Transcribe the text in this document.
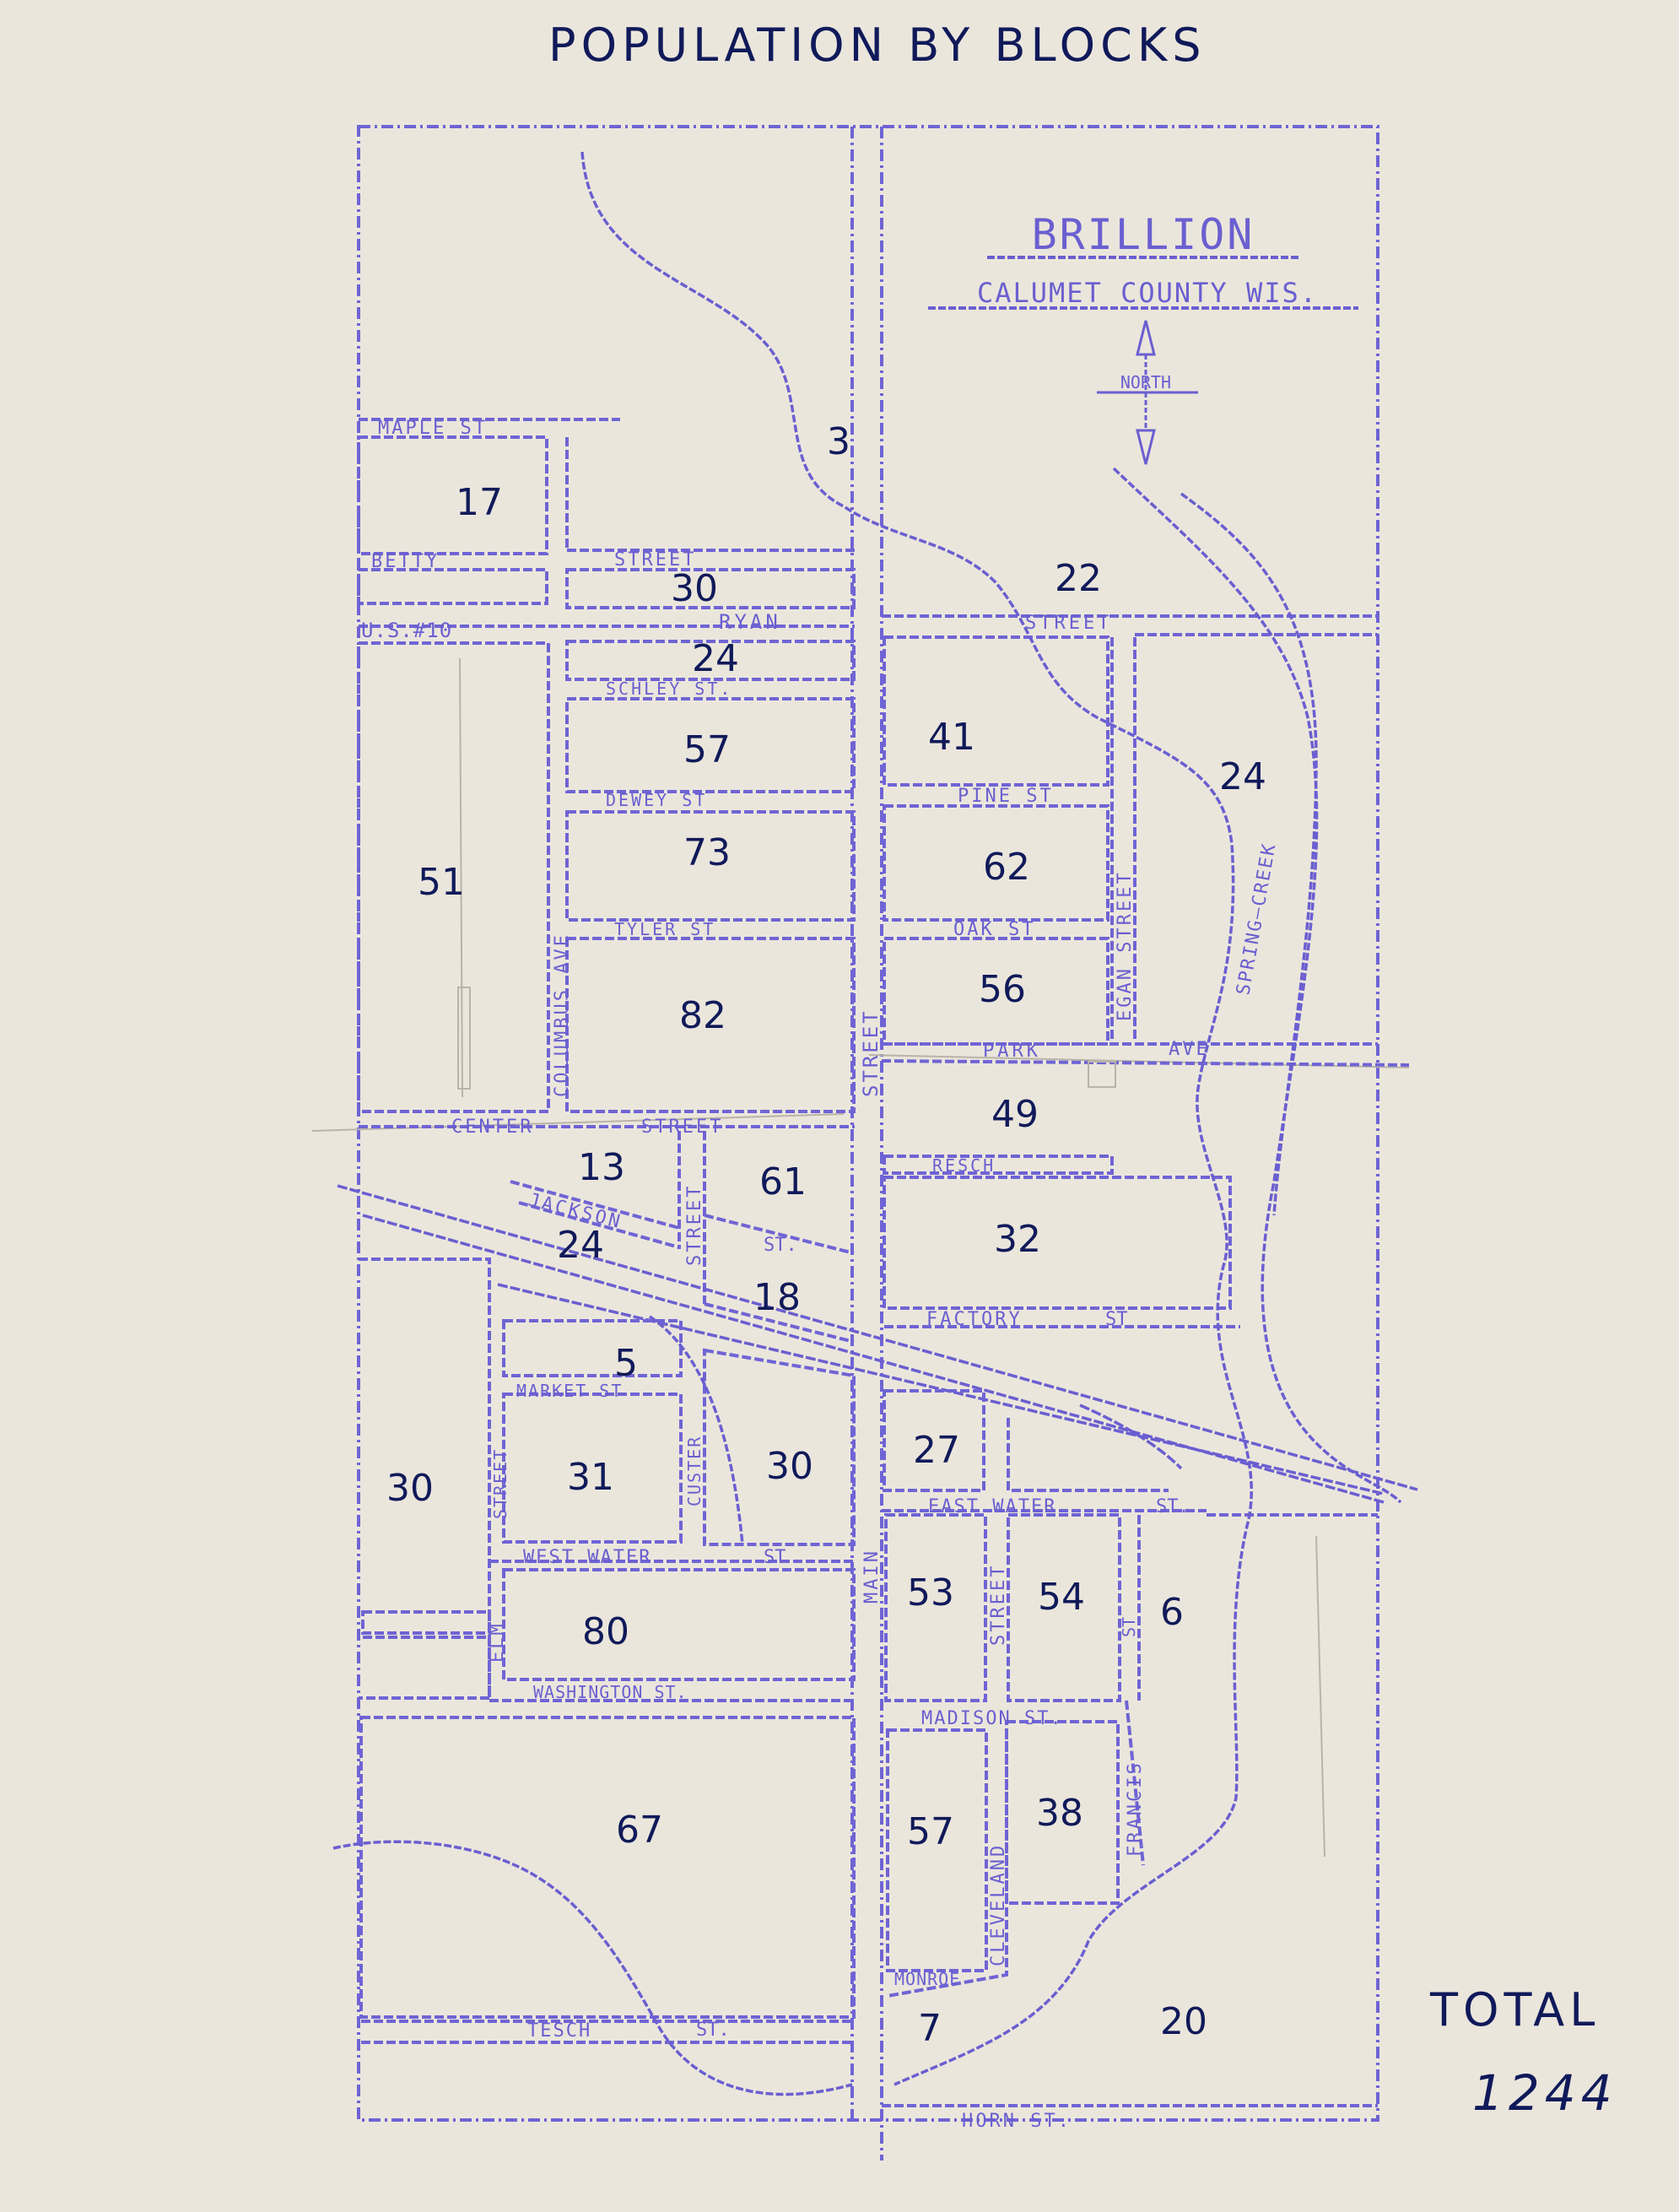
POPULATION BY BLOCKS
BRILLION
CALUMET COUNTY WIS.
NORTH
MAPLE ST
BETTY	STREET
U.S.#10	RYAN	STREET
SCHLEY ST.
DEWEY ST	PINE ST
TYLER ST	OAK ST
COLUMBUS AVE	EGAN STREET	SPRING—CREEK
PARK	AVE
STREET
CENTER	STREET
JACKSON
ST.
STREET
RESCH
FACTORY	ST
MARKET ST
CUSTER
STREET	EAST WATER	ST.
WEST WATER	ST	MAIN	STREET	ST
ELM
WASHINGTON ST.
MADISON ST.
FRANCIS
CLEVELAND
MONROE
TESCH	ST.
HORN ST.
3
17
30	22
24
57	41
24
51
73	62
82
56
49
13	61
24	32
18
5
27
30
31
30
53 54 6
80
67	57 38
7	20	TOTAL
1244
